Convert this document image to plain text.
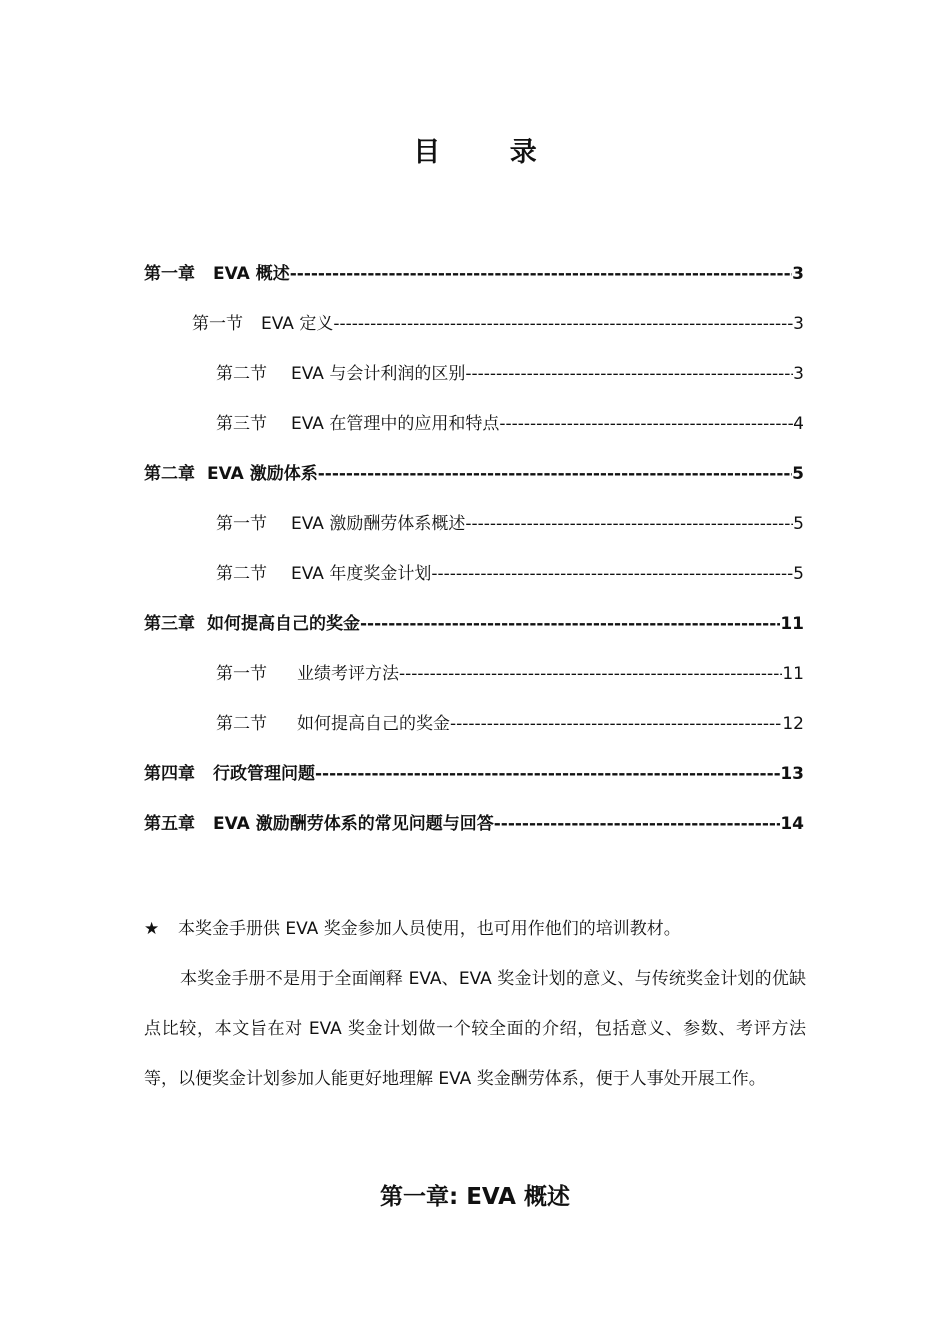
目 录
第一章 EVA 概述 -----	3
第一节 EVA 定义 -----	3
第二节 EVA 与会计利润的区别 -----	3
第三节 EVA 在管理中的应用和特点 -----	4
第二章 EVA 激励体系 -----	5
第一节 EVA 激励酬劳体系概述 -----	5
第二节 EVA 年度奖金计划 -----	5
第三章 如何提高自己的奖金 -----	11
第一节 业绩考评方法 -----	11
第二节 如何提高自己的奖金 -----	12
第四章 行政管理问题 -----	13
第五章 EVA 激励酬劳体系的常见问题与回答 -----	14
★	本奖金手册供 EVA 奖金参加人员使用，也可用作他们的培训教材。

本奖金手册不是用于全面阐释 EVA、EVA 奖金计划的意义、与传统奖金计划的优缺点比较，本文旨在对 EVA 奖金计划做一个较全面的介绍，包括意义、参数、考评方法等，以便奖金计划参加人能更好地理解 EVA 奖金酬劳体系，便于人事处开展工作。

第一章: EVA 概述
